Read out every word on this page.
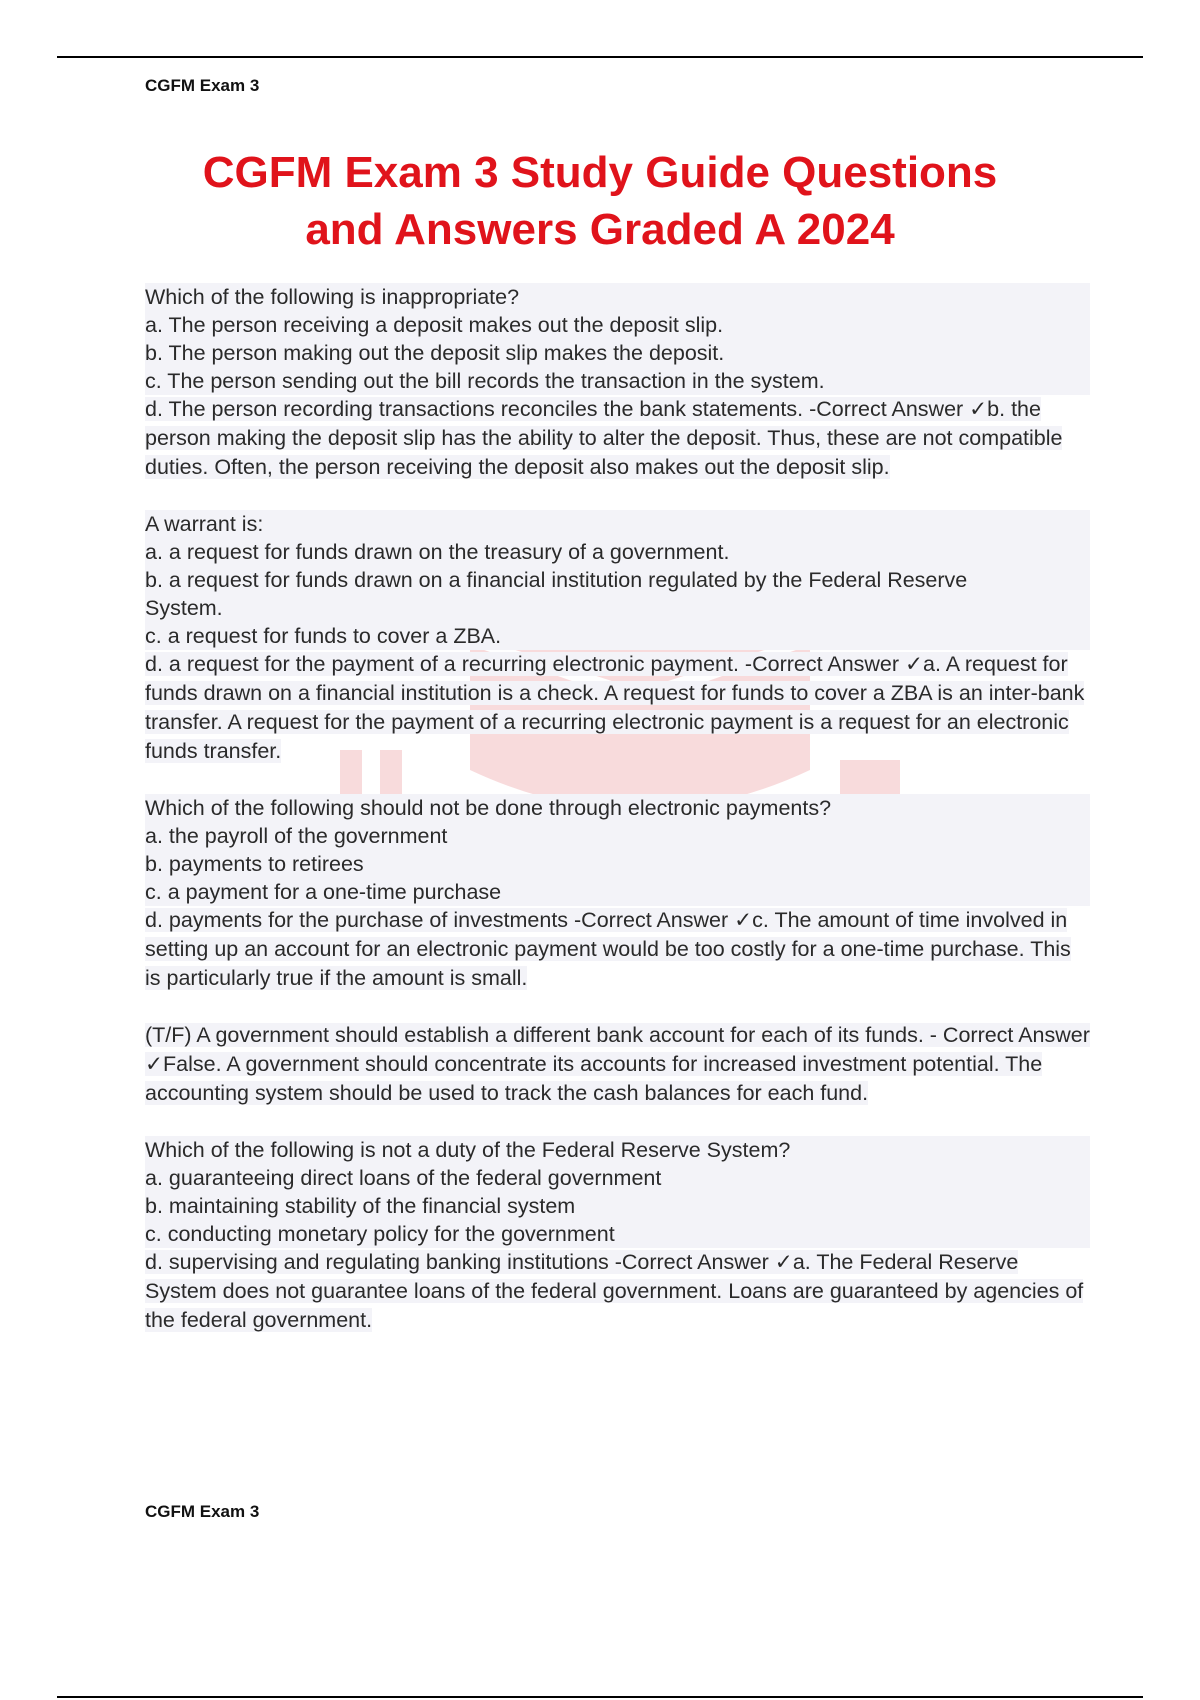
CGFM Exam 3
CGFM Exam 3 Study Guide Questions
and Answers Graded A 2024
Which of the following is inappropriate?
a. The person receiving a deposit makes out the deposit slip.
b. The person making out the deposit slip makes the deposit.
c. The person sending out the bill records the transaction in the system.
d. The person recording transactions reconciles the bank statements. -Correct Answer ✓b. the person making the deposit slip has the ability to alter the deposit. Thus, these are not compatible duties. Often, the person receiving the deposit also makes out the deposit slip.
A warrant is:
a. a request for funds drawn on the treasury of a government.
b. a request for funds drawn on a financial institution regulated by the Federal Reserve
System.
c. a request for funds to cover a ZBA.
d. a request for the payment of a recurring electronic payment. -Correct Answer ✓a. A request for funds drawn on a financial institution is a check. A request for funds to cover a ZBA is an inter-bank transfer. A request for the payment of a recurring electronic payment is a request for an electronic funds transfer.
Which of the following should not be done through electronic payments?
a. the payroll of the government
b. payments to retirees
c. a payment for a one-time purchase
d. payments for the purchase of investments -Correct Answer ✓c. The amount of time involved in setting up an account for an electronic payment would be too costly for a one-time purchase. This is particularly true if the amount is small.
(T/F) A government should establish a different bank account for each of its funds. - Correct Answer ✓False. A government should concentrate its accounts for increased investment potential. The accounting system should be used to track the cash balances for each fund.
Which of the following is not a duty of the Federal Reserve System?
a. guaranteeing direct loans of the federal government
b. maintaining stability of the financial system
c. conducting monetary policy for the government
d. supervising and regulating banking institutions -Correct Answer ✓a. The Federal Reserve System does not guarantee loans of the federal government. Loans are guaranteed by agencies of the federal government.
CGFM Exam 3
